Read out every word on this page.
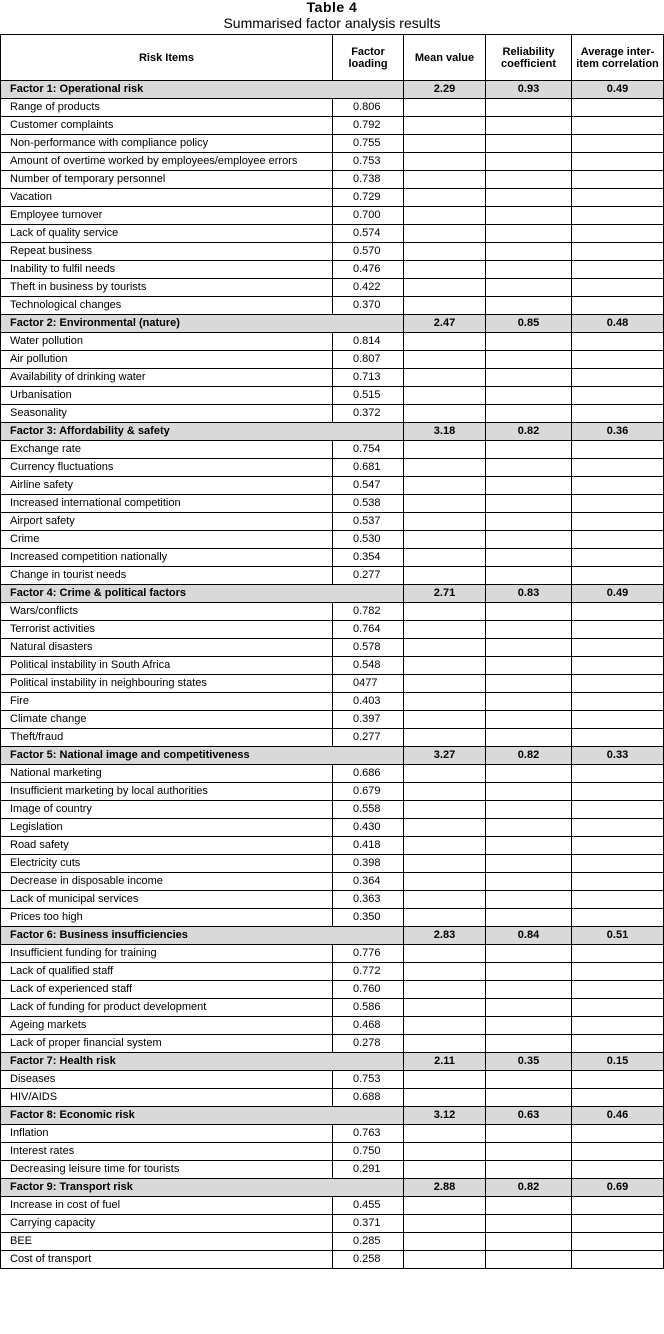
Table 4
Summarised factor analysis results
Risk Items	Factor loading	Mean value	Reliability coefficient	Average inter-item correlation
Factor 1: Operational risk		2.29	0.93	0.49
Range of products	0.806			
Customer complaints	0.792			
Non-performance with compliance policy	0.755			
Amount of overtime worked by employees/employee errors	0.753			
Number of temporary personnel	0.738			
Vacation	0.729			
Employee turnover	0.700			
Lack of quality service	0.574			
Repeat business	0.570			
Inability to fulfil needs	0.476			
Theft in business by tourists	0.422			
Technological changes	0.370			
Factor 2: Environmental (nature)		2.47	0.85	0.48
Water pollution	0.814			
Air pollution	0.807			
Availability of drinking water	0.713			
Urbanisation	0.515			
Seasonality	0.372			
Factor 3: Affordability & safety		3.18	0.82	0.36
Exchange rate	0.754			
Currency fluctuations	0.681			
Airline safety	0.547			
Increased international competition	0.538			
Airport safety	0.537			
Crime	0.530			
Increased competition nationally	0.354			
Change in tourist needs	0.277			
Factor 4: Crime & political factors		2.71	0.83	0.49
Wars/conflicts	0.782			
Terrorist activities	0.764			
Natural disasters	0.578			
Political instability in South Africa	0.548			
Political instability in neighbouring states	0477			
Fire	0.403			
Climate change	0.397			
Theft/fraud	0.277			
Factor 5: National image and competitiveness		3.27	0.82	0.33
National marketing	0.686			
Insufficient marketing by local authorities	0.679			
Image of country	0.558			
Legislation	0.430			
Road safety	0.418			
Electricity cuts	0.398			
Decrease in disposable income	0.364			
Lack of municipal services	0.363			
Prices too high	0.350			
Factor 6: Business insufficiencies		2.83	0.84	0.51
Insufficient funding for training	0.776			
Lack of qualified staff	0.772			
Lack of experienced staff	0.760			
Lack of funding for product development	0.586			
Ageing markets	0.468			
Lack of proper financial system	0.278			
Factor 7: Health risk		2.11	0.35	0.15
Diseases	0.753			
HIV/AIDS	0.688			
Factor 8: Economic risk		3.12	0.63	0.46
Inflation	0.763			
Interest rates	0.750			
Decreasing leisure time for tourists	0.291			
Factor 9: Transport risk		2.88	0.82	0.69
Increase in cost of fuel	0.455			
Carrying capacity	0.371			
BEE	0.285			
Cost of transport	0.258			
